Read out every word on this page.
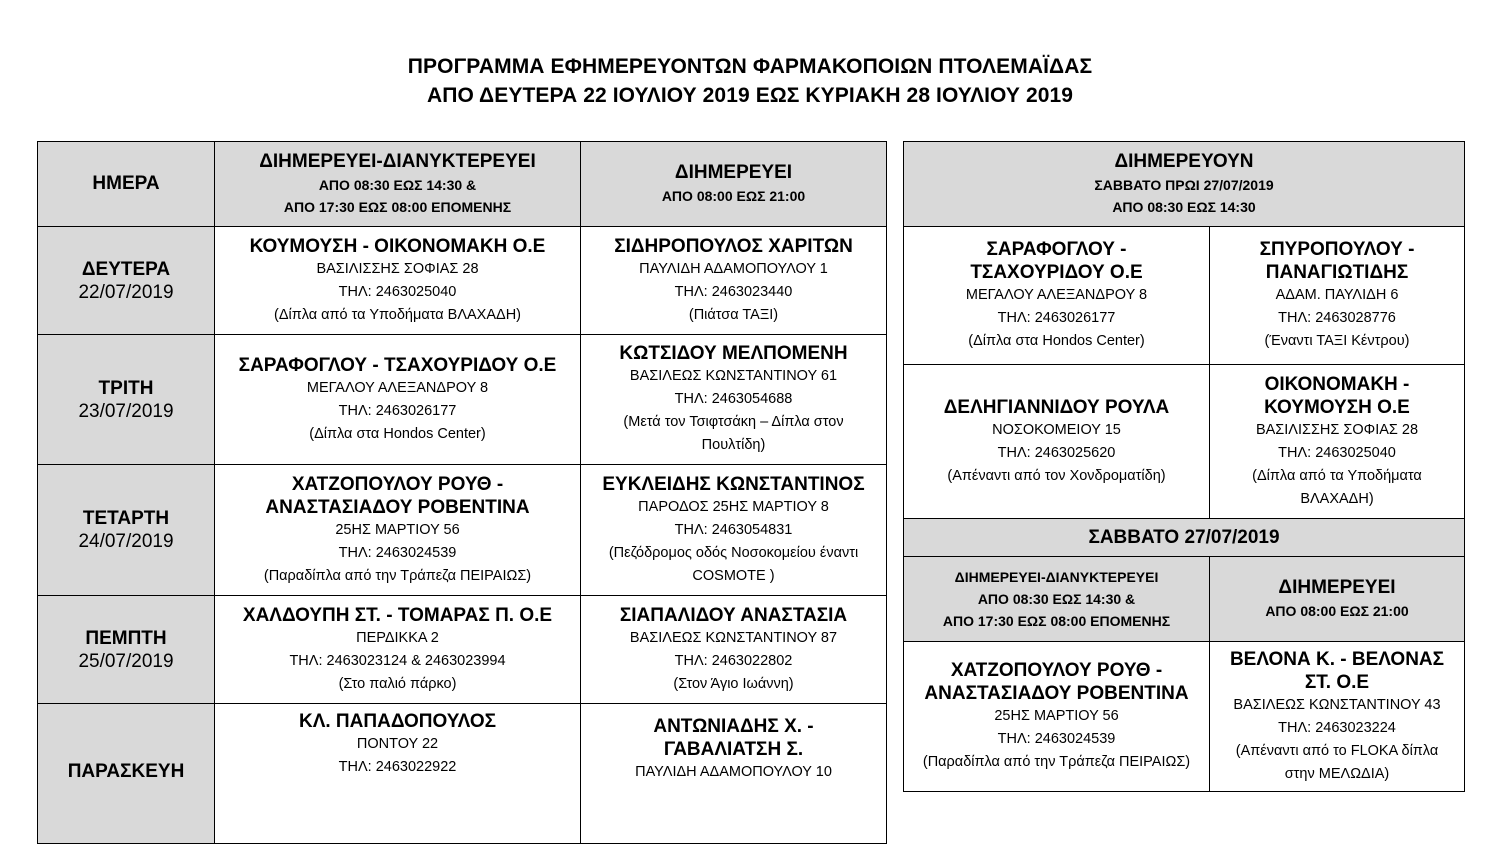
ΠΡΟΓΡΑΜΜΑ ΕΦΗΜΕΡΕΥΟΝΤΩΝ ΦΑΡΜΑΚΟΠΟΙΩΝ ΠΤΟΛΕΜΑΪΔΑΣ
ΑΠΟ ΔΕΥΤΕΡΑ 22 ΙΟΥΛΙΟΥ 2019 ΕΩΣ ΚΥΡΙΑΚΗ 28 ΙΟΥΛΙΟΥ 2019
ΗΜΕΡΑ	ΔΙΗΜΕΡΕΥΕΙ-ΔΙΑΝΥΚΤΕΡΕΥΕΙ
ΑΠΟ 08:30 ΕΩΣ 14:30 &
ΑΠΟ 17:30 ΕΩΣ 08:00 ΕΠΟΜΕΝΗΣ	ΔΙΗΜΕΡΕΥΕΙ
ΑΠΟ 08:00 ΕΩΣ 21:00

ΔΕΥΤΕΡΑ
22/07/2019	ΚΟΥΜΟΥΣΗ - ΟΙΚΟΝΟΜΑΚΗ Ο.Ε
ΒΑΣΙΛΙΣΣΗΣ ΣΟΦΙΑΣ 28
ΤΗΛ: 2463025040
(Δίπλα από τα Υποδήματα ΒΛΑΧΑΔΗ)	ΣΙΔΗΡΟΠΟΥΛΟΣ ΧΑΡΙΤΩΝ
ΠΑΥΛΙΔΗ ΑΔΑΜΟΠΟΥΛΟΥ 1
ΤΗΛ: 2463023440
(Πιάτσα ΤΑΞΙ)

ΤΡΙΤΗ
23/07/2019	ΣΑΡΑΦΟΓΛΟΥ - ΤΣΑΧΟΥΡΙΔΟΥ Ο.Ε
ΜΕΓΑΛΟΥ ΑΛΕΞΑΝΔΡΟΥ 8
ΤΗΛ: 2463026177
(Δίπλα στα Hondos Center)	ΚΩΤΣΙΔΟΥ ΜΕΛΠΟΜΕΝΗ
ΒΑΣΙΛΕΩΣ ΚΩΝΣΤΑΝΤΙΝΟΥ 61
ΤΗΛ: 2463054688
(Μετά τον Τσιφτσάκη – Δίπλα στον Πουλτίδη)

ΤΕΤΑΡΤΗ
24/07/2019	ΧΑΤΖΟΠΟΥΛΟΥ ΡΟΥΘ - ΑΝΑΣΤΑΣΙΑΔΟΥ ΡΟΒΕΝΤΙΝΑ
25ΗΣ ΜΑΡΤΙΟΥ 56
ΤΗΛ: 2463024539
(Παραδίπλα από την Τράπεζα ΠΕΙΡΑΙΩΣ)	ΕΥΚΛΕΙΔΗΣ ΚΩΝΣΤΑΝΤΙΝΟΣ
ΠΑΡΟΔΟΣ 25ΗΣ ΜΑΡΤΙΟΥ 8
ΤΗΛ: 2463054831
(Πεζόδρομος οδός Νοσοκομείου έναντι COSMOTE )

ΠΕΜΠΤΗ
25/07/2019	ΧΑΛΔΟΥΠΗ ΣΤ. - ΤΟΜΑΡΑΣ Π. Ο.Ε
ΠΕΡΔΙΚΚΑ 2
ΤΗΛ: 2463023124 & 2463023994
(Στο παλιό πάρκο)	ΣΙΑΠΑΛΙΔΟΥ ΑΝΑΣΤΑΣΙΑ
ΒΑΣΙΛΕΩΣ ΚΩΝΣΤΑΝΤΙΝΟΥ 87
ΤΗΛ: 2463022802
(Στον Άγιο Ιωάννη)

ΠΑΡΑΣΚΕΥΗ	ΚΛ. ΠΑΠΑΔΟΠΟΥΛΟΣ
ΠΟΝΤΟΥ 22
ΤΗΛ: 2463022922	ΑΝΤΩΝΙΑΔΗΣ Χ. - ΓΑΒΑΛΙΑΤΣΗ Σ.
ΠΑΥΛΙΔΗ ΑΔΑΜΟΠΟΥΛΟΥ 10
ΔΙΗΜΕΡΕΥΟΥΝ
ΣΑΒΒΑΤΟ ΠΡΩΙ 27/07/2019
ΑΠΟ 08:30 ΕΩΣ 14:30	

ΣΑΡΑΦΟΓΛΟΥ - ΤΣΑΧΟΥΡΙΔΟΥ Ο.Ε
ΜΕΓΑΛΟΥ ΑΛΕΞΑΝΔΡΟΥ 8
ΤΗΛ: 2463026177
(Δίπλα στα Hondos Center)	ΣΠΥΡΟΠΟΥΛΟΥ - ΠΑΝΑΓΙΩΤΙΔΗΣ
ΑΔΑΜ. ΠΑΥΛΙΔΗ 6
ΤΗΛ: 2463028776
(Έναντι ΤΑΞΙ Κέντρου)

ΔΕΛΗΓΙΑΝΝΙΔΟΥ ΡΟΥΛΑ
ΝΟΣΟΚΟΜΕΙΟΥ 15
ΤΗΛ: 2463025620
(Απέναντι από τον Χονδροματίδη)	ΟΙΚΟΝΟΜΑΚΗ - ΚΟΥΜΟΥΣΗ Ο.Ε
ΒΑΣΙΛΙΣΣΗΣ ΣΟΦΙΑΣ 28
ΤΗΛ: 2463025040
(Δίπλα από τα Υποδήματα ΒΛΑΧΑΔΗ)

ΣΑΒΒΑΤΟ 27/07/2019	

ΔΙΗΜΕΡΕΥΕΙ-ΔΙΑΝΥΚΤΕΡΕΥΕΙ
ΑΠΟ 08:30 ΕΩΣ 14:30 &
ΑΠΟ 17:30 ΕΩΣ 08:00 ΕΠΟΜΕΝΗΣ	ΔΙΗΜΕΡΕΥΕΙ
ΑΠΟ 08:00 ΕΩΣ 21:00

ΧΑΤΖΟΠΟΥΛΟΥ ΡΟΥΘ - ΑΝΑΣΤΑΣΙΑΔΟΥ ΡΟΒΕΝΤΙΝΑ
25ΗΣ ΜΑΡΤΙΟΥ 56
ΤΗΛ: 2463024539
(Παραδίπλα από την Τράπεζα ΠΕΙΡΑΙΩΣ)	ΒΕΛΟΝΑ Κ. - ΒΕΛΟΝΑΣ ΣΤ. Ο.Ε
ΒΑΣΙΛΕΩΣ ΚΩΝΣΤΑΝΤΙΝΟΥ 43
ΤΗΛ: 2463023224
(Απέναντι από το FLOKA δίπλα στην ΜΕΛΩΔΙΑ)
